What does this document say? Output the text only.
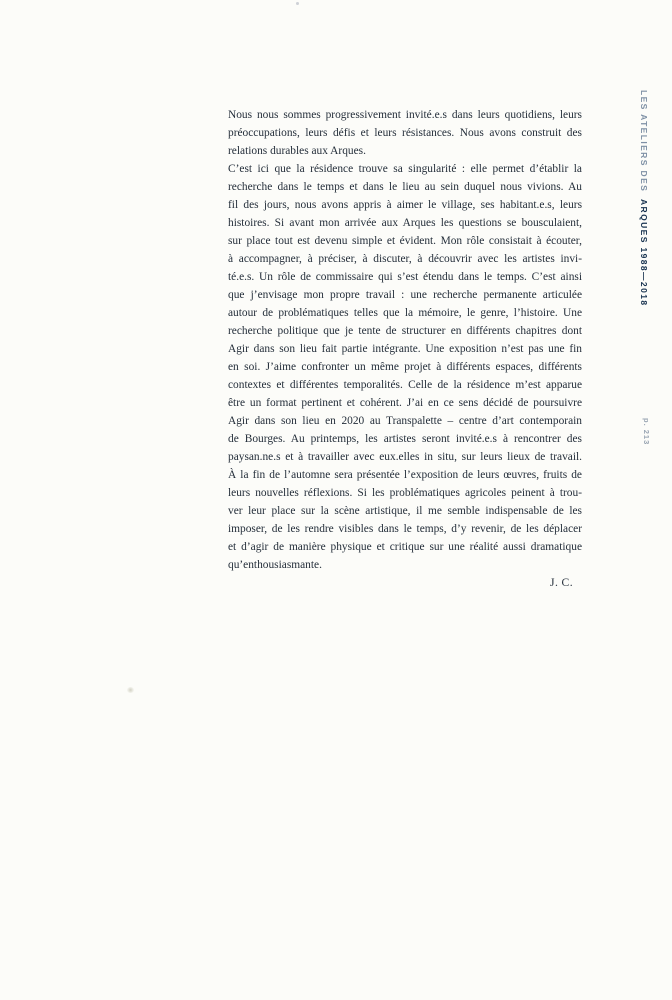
Nous nous sommes progressivement invité.e.s dans leurs quotidiens, leurs
préoccupations, leurs défis et leurs résistances. Nous avons construit des
relations durables aux Arques.
C’est ici que la résidence trouve sa singularité : elle permet d’établir la
recherche dans le temps et dans le lieu au sein duquel nous vivions. Au
fil des jours, nous avons appris à aimer le village, ses habitant.e.s, leurs
histoires. Si avant mon arrivée aux Arques les questions se bousculaient,
sur place tout est devenu simple et évident. Mon rôle consistait à écouter,
à accompagner, à préciser, à discuter, à découvrir avec les artistes invi-
té.e.s. Un rôle de commissaire qui s’est étendu dans le temps. C’est ainsi
que j’envisage mon propre travail : une recherche permanente articulée
autour de problématiques telles que la mémoire, le genre, l’histoire. Une
recherche politique que je tente de structurer en différents chapitres dont
Agir dans son lieu fait partie intégrante. Une exposition n’est pas une fin
en soi. J’aime confronter un même projet à différents espaces, différents
contextes et différentes temporalités. Celle de la résidence m’est apparue
être un format pertinent et cohérent. J’ai en ce sens décidé de poursuivre
Agir dans son lieu en 2020 au Transpalette – centre d’art contemporain
de Bourges. Au printemps, les artistes seront invité.e.s à rencontrer des
paysan.ne.s et à travailler avec eux.elles in situ, sur leurs lieux de travail.
À la fin de l’automne sera présentée l’exposition de leurs œuvres, fruits de
leurs nouvelles réflexions. Si les problématiques agricoles peinent à trou-
ver leur place sur la scène artistique, il me semble indispensable de les
imposer, de les rendre visibles dans le temps, d’y revenir, de les déplacer
et d’agir de manière physique et critique sur une réalité aussi dramatique
qu’enthousiasmante.
J. C.
LES ATELIERS DES ARQUES 1988—2018
p. 213
